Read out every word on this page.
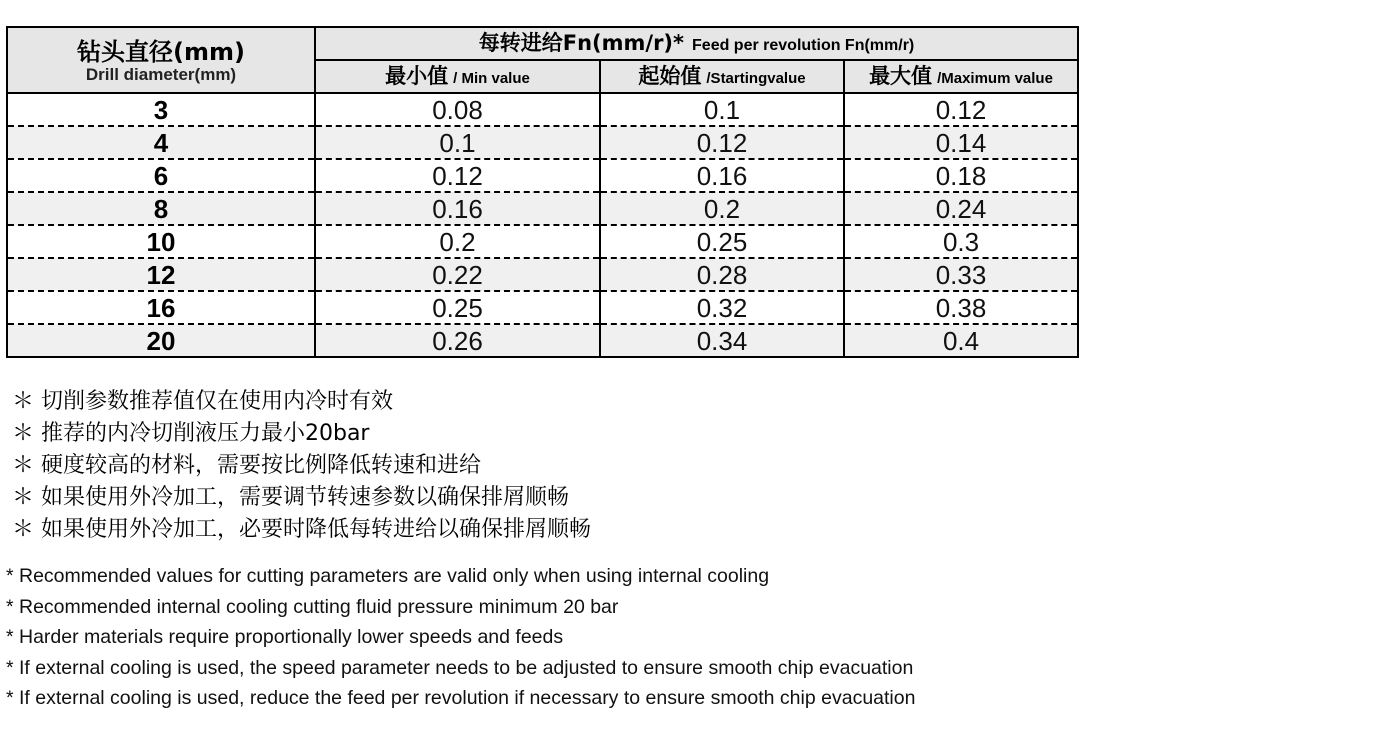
钻头直径(mm)
Drill diameter(mm)	每转进给Fn(mm/r)* Feed per revolution Fn(mm/r)		
	最小值 / Min value	起始值 /Startingvalue	最大值 /Maximum value
3	0.08	0.1	0.12
4	0.1	0.12	0.14
6	0.12	0.16	0.18
8	0.16	0.2	0.24
10	0.2	0.25	0.3
12	0.22	0.28	0.33
16	0.25	0.32	0.38
20	0.26	0.34	0.4
＊ 切削参数推荐值仅在使用内冷时有效
＊ 推荐的内冷切削液压力最小20bar
＊ 硬度较高的材料，需要按比例降低转速和进给
＊ 如果使用外冷加工，需要调节转速参数以确保排屑顺畅
＊ 如果使用外冷加工，必要时降低每转进给以确保排屑顺畅
* Recommended values for cutting parameters are valid only when using internal cooling
* Recommended internal cooling cutting fluid pressure minimum 20 bar
* Harder materials require proportionally lower speeds and feeds
* If external cooling is used, the speed parameter needs to be adjusted to ensure smooth chip evacuation
* If external cooling is used, reduce the feed per revolution if necessary to ensure smooth chip evacuation
